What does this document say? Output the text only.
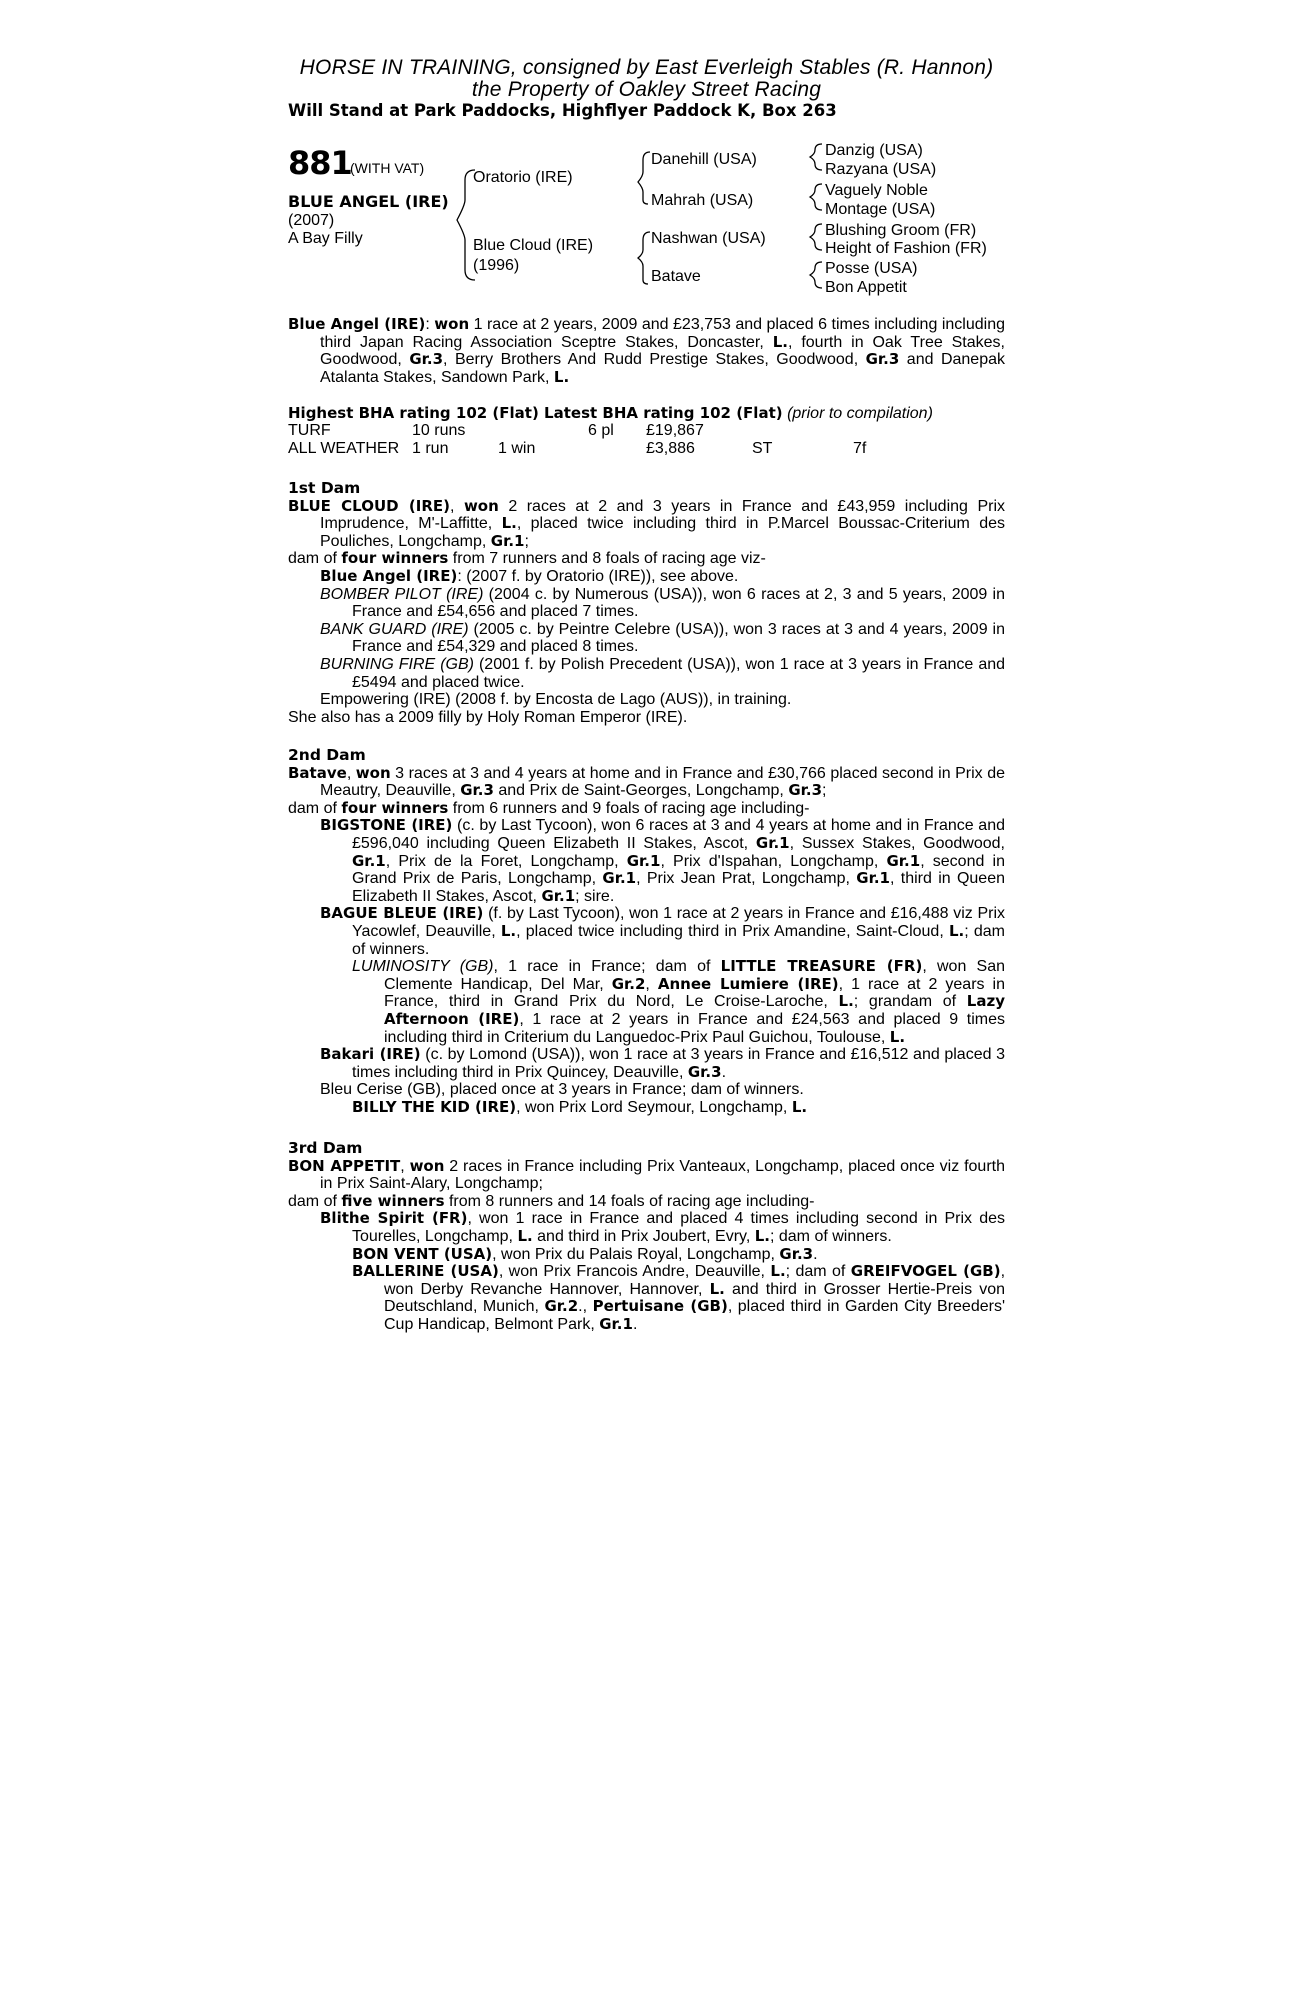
HORSE IN TRAINING, consigned by East Everleigh Stables (R. Hannon)
the Property of Oakley Street Racing
Will Stand at Park Paddocks, Highflyer Paddock K, Box 263
881
(WITH VAT)
BLUE ANGEL (IRE)
(2007)
A Bay Filly
Oratorio (IRE)
Blue Cloud (IRE)
(1996)
Danehill (USA)
Mahrah (USA)
Nashwan (USA)
Batave
Danzig (USA)
Razyana (USA)
Vaguely Noble
Montage (USA)
Blushing Groom (FR)
Height of Fashion (FR)
Posse (USA)
Bon Appetit

Blue Angel (IRE): won 1 race at 2 years, 2009 and £23,753 and placed 6 times including including third Japan Racing Association Sceptre Stakes, Doncaster, L., fourth in Oak Tree Stakes, Goodwood, Gr.3, Berry Brothers And Rudd Prestige Stakes, Goodwood, Gr.3 and Danepak Atalanta Stakes, Sandown Park, L.

Highest BHA rating 102 (Flat) Latest BHA rating 102 (Flat) (prior to compilation)
TURF	10 runs	6 pl £19,867
ALL WEATHER 1 run	1 win	£3,886	ST	7f

1st Dam

BLUE CLOUD (IRE), won 2 races at 2 and 3 years in France and £43,959 including Prix Imprudence, M'-Laffitte, L., placed twice including third in P.Marcel Boussac-Criterium des Pouliches, Longchamp, Gr.1;

dam of four winners from 7 runners and 8 foals of racing age viz-

Blue Angel (IRE): (2007 f. by Oratorio (IRE)), see above.

BOMBER PILOT (IRE) (2004 c. by Numerous (USA)), won 6 races at 2, 3 and 5 years, 2009 in France and £54,656 and placed 7 times.

BANK GUARD (IRE) (2005 c. by Peintre Celebre (USA)), won 3 races at 3 and 4 years, 2009 in France and £54,329 and placed 8 times.

BURNING FIRE (GB) (2001 f. by Polish Precedent (USA)), won 1 race at 3 years in France and £5494 and placed twice.

Empowering (IRE) (2008 f. by Encosta de Lago (AUS)), in training.

She also has a 2009 filly by Holy Roman Emperor (IRE).

2nd Dam

Batave, won 3 races at 3 and 4 years at home and in France and £30,766 placed second in Prix de Meautry, Deauville, Gr.3 and Prix de Saint-Georges, Longchamp, Gr.3;

dam of four winners from 6 runners and 9 foals of racing age including-

BIGSTONE (IRE) (c. by Last Tycoon), won 6 races at 3 and 4 years at home and in France and £596,040 including Queen Elizabeth II Stakes, Ascot, Gr.1, Sussex Stakes, Goodwood, Gr.1, Prix de la Foret, Longchamp, Gr.1, Prix d'Ispahan, Longchamp, Gr.1, second in Grand Prix de Paris, Longchamp, Gr.1, Prix Jean Prat, Longchamp, Gr.1, third in Queen Elizabeth II Stakes, Ascot, Gr.1; sire.

BAGUE BLEUE (IRE) (f. by Last Tycoon), won 1 race at 2 years in France and £16,488 viz Prix Yacowlef, Deauville, L., placed twice including third in Prix Amandine, Saint-Cloud, L.; dam of winners.

LUMINOSITY (GB), 1 race in France; dam of LITTLE TREASURE (FR), won San Clemente Handicap, Del Mar, Gr.2, Annee Lumiere (IRE), 1 race at 2 years in France, third in Grand Prix du Nord, Le Croise-Laroche, L.; grandam of Lazy Afternoon (IRE), 1 race at 2 years in France and £24,563 and placed 9 times including third in Criterium du Languedoc-Prix Paul Guichou, Toulouse, L.

Bakari (IRE) (c. by Lomond (USA)), won 1 race at 3 years in France and £16,512 and placed 3 times including third in Prix Quincey, Deauville, Gr.3.

Bleu Cerise (GB), placed once at 3 years in France; dam of winners.

BILLY THE KID (IRE), won Prix Lord Seymour, Longchamp, L.

3rd Dam

BON APPETIT, won 2 races in France including Prix Vanteaux, Longchamp, placed once viz fourth in Prix Saint-Alary, Longchamp;

dam of five winners from 8 runners and 14 foals of racing age including-

Blithe Spirit (FR), won 1 race in France and placed 4 times including second in Prix des Tourelles, Longchamp, L. and third in Prix Joubert, Evry, L.; dam of winners.

BON VENT (USA), won Prix du Palais Royal, Longchamp, Gr.3.

BALLERINE (USA), won Prix Francois Andre, Deauville, L.; dam of GREIFVOGEL (GB), won Derby Revanche Hannover, Hannover, L. and third in Grosser Hertie-Preis von Deutschland, Munich, Gr.2., Pertuisane (GB), placed third in Garden City Breeders' Cup Handicap, Belmont Park, Gr.1.
